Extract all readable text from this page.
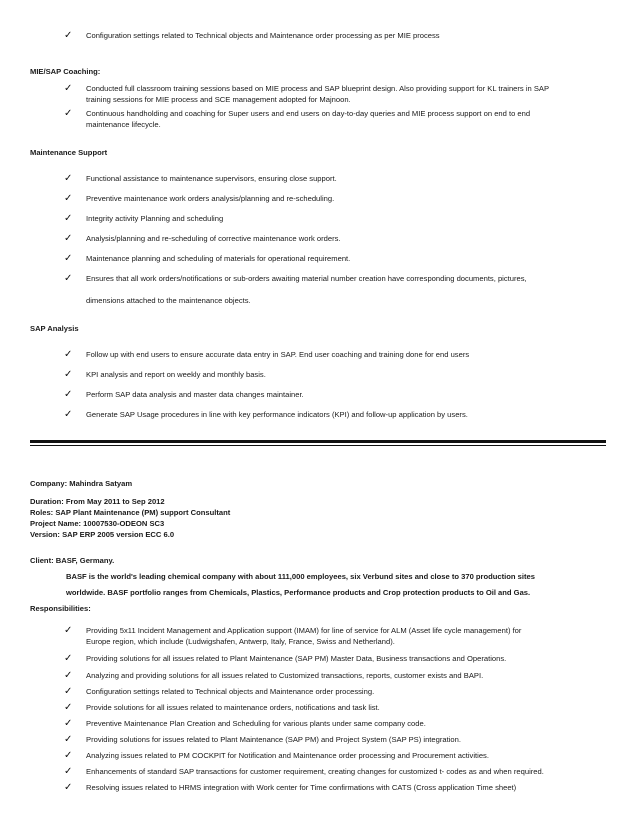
✓ Configuration settings related to Technical objects and Maintenance order processing as per MIE process
MIE/SAP Coaching:
✓ Conducted full classroom training sessions based on MIE process and SAP blueprint design. Also providing support for KL trainers in SAP
training sessions for MIE process and SCE management adopted for Majnoon.
✓ Continuous handholding and coaching for Super users and end users on day-to-day queries and MIE process support on end to end
maintenance lifecycle.
Maintenance Support
✓ Functional assistance to maintenance supervisors, ensuring close support.
✓ Preventive maintenance work orders analysis/planning and re-scheduling.
✓ Integrity activity Planning and scheduling
✓ Analysis/planning and re-scheduling of corrective maintenance work orders.
✓ Maintenance planning and scheduling of materials for operational requirement.
✓ Ensures that all work orders/notifications or sub-orders awaiting material number creation have corresponding documents, pictures,
dimensions attached to the maintenance objects.
SAP Analysis
✓ Follow up with end users to ensure accurate data entry in SAP. End user coaching and training done for end users
✓ KPI analysis and report on weekly and monthly basis.
✓ Perform SAP data analysis and master data changes maintainer.
✓ Generate SAP Usage procedures in line with key performance indicators (KPI) and follow-up application by users.
Company: Mahindra Satyam
Duration: From May 2011 to Sep 2012
Roles: SAP Plant Maintenance (PM) support Consultant
Project Name: 10007530-ODEON SC3
Version: SAP ERP 2005 version ECC 6.0
Client: BASF, Germany.
BASF is the world's leading chemical company with about 111,000 employees, six Verbund sites and close to 370 production sites
worldwide. BASF portfolio ranges from Chemicals, Plastics, Performance products and Crop protection products to Oil and Gas.
Responsibilities:
✓ Providing 5x11 Incident Management and Application support (IMAM) for line of service for ALM (Asset life cycle management) for
Europe region, which include (Ludwigshafen, Antwerp, Italy, France, Swiss and Netherland).
✓ Providing solutions for all issues related to Plant Maintenance (SAP PM) Master Data, Business transactions and Operations.
✓ Analyzing and providing solutions for all issues related to Customized transactions, reports, customer exists and BAPI.
✓ Configuration settings related to Technical objects and Maintenance order processing.
✓ Provide solutions for all issues related to maintenance orders, notifications and task list.
✓ Preventive Maintenance Plan Creation and Scheduling for various plants under same company code.
✓ Providing solutions for issues related to Plant Maintenance (SAP PM) and Project System (SAP PS) integration.
✓ Analyzing issues related to PM COCKPIT for Notification and Maintenance order processing and Procurement activities.
✓ Enhancements of standard SAP transactions for customer requirement, creating changes for customized t- codes as and when required.
✓ Resolving issues related to HRMS integration with Work center for Time confirmations with CATS (Cross application Time sheet)
